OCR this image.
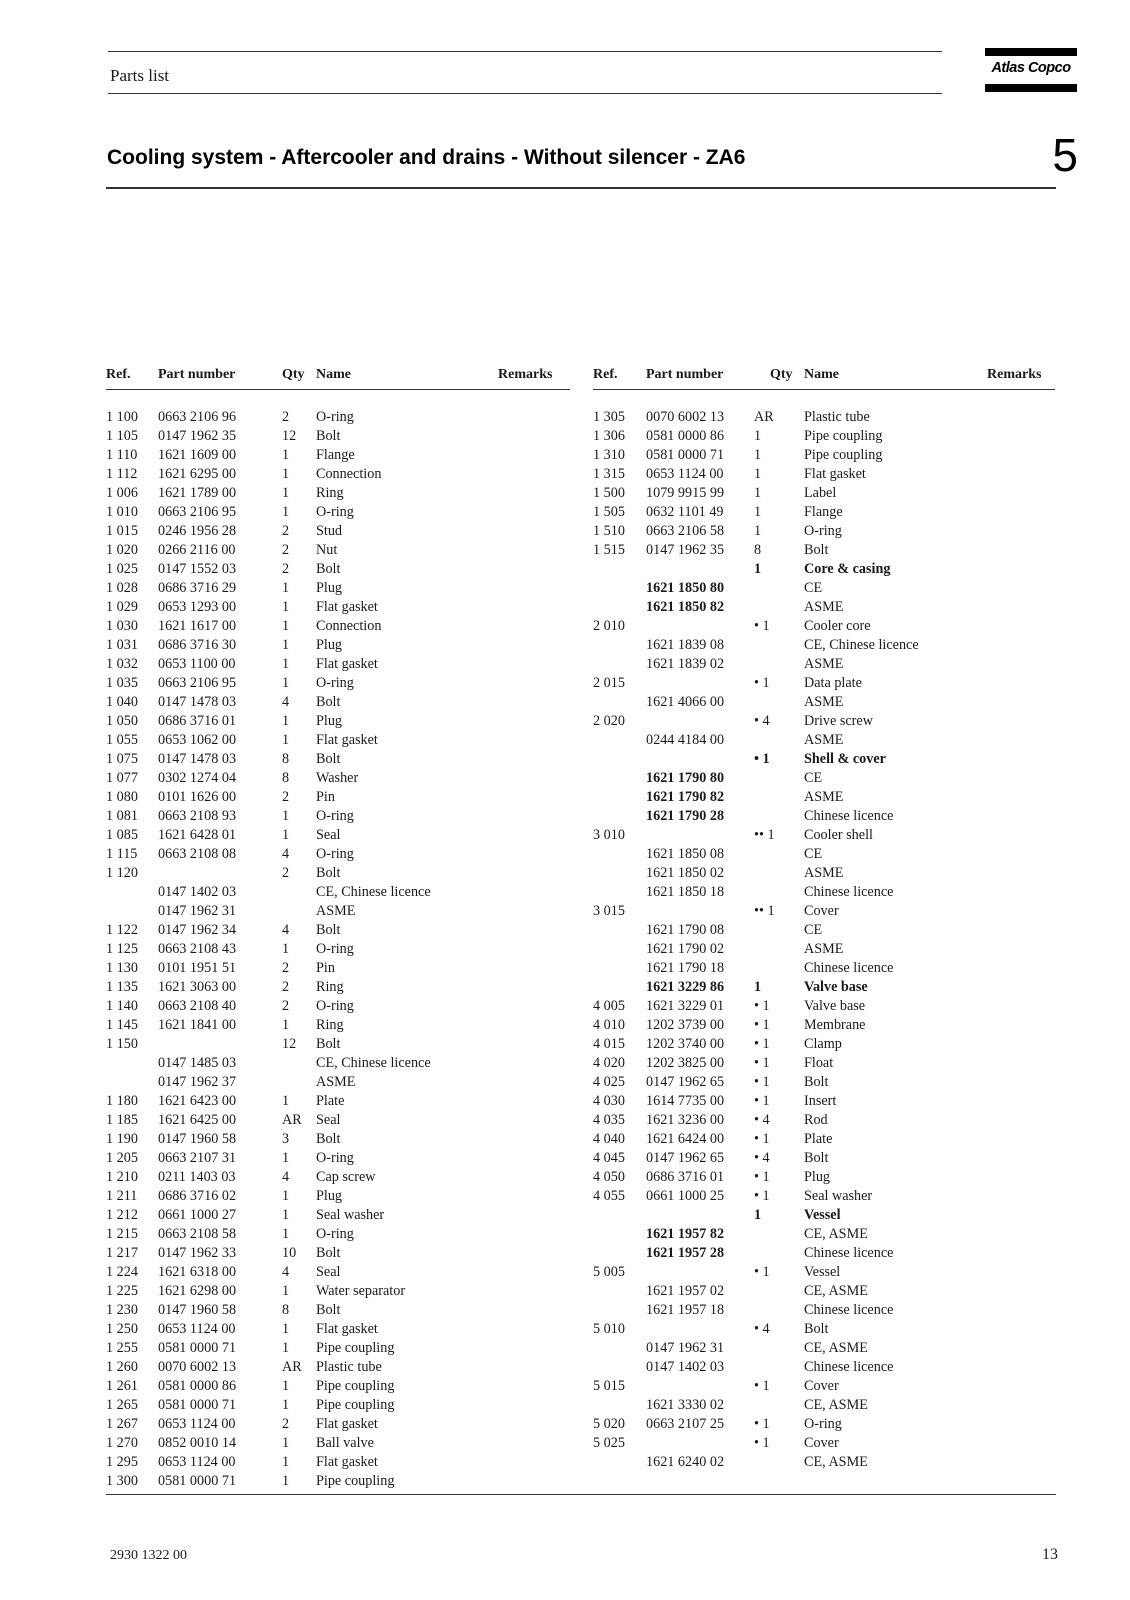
Parts list	Atlas Copco
Cooling system - Aftercooler and drains - Without silencer - ZA6	5
Ref. Part number	Qty Name	Remarks
1 100 0663 2106 96	2 O-ring
1 105 0147 1962 35	12 Bolt
1 110 1621 1609 00	1 Flange
1 112 1621 6295 00	1 Connection
1 006 1621 1789 00	1 Ring
1 010 0663 2106 95	1 O-ring
1 015 0246 1956 28	2 Stud
1 020 0266 2116 00	2 Nut
1 025 0147 1552 03	2 Bolt
1 028 0686 3716 29	1 Plug
1 029 0653 1293 00	1 Flat gasket
1 030 1621 1617 00	1 Connection
1 031 0686 3716 30	1 Plug
1 032 0653 1100 00	1 Flat gasket
1 035 0663 2106 95	1 O-ring
1 040 0147 1478 03	4 Bolt
1 050 0686 3716 01	1 Plug
1 055 0653 1062 00	1 Flat gasket
1 075 0147 1478 03	8 Bolt
1 077 0302 1274 04	8 Washer
1 080 0101 1626 00	2 Pin
1 081 0663 2108 93	1 O-ring
1 085 1621 6428 01	1 Seal
1 115 0663 2108 08	4 O-ring
1 120	2 Bolt
0147 1402 03	CE, Chinese licence
0147 1962 31	ASME
1 122 0147 1962 34	4 Bolt
1 125 0663 2108 43	1 O-ring
1 130 0101 1951 51	2 Pin
1 135 1621 3063 00	2 Ring
1 140 0663 2108 40	2 O-ring
1 145 1621 1841 00	1 Ring
1 150	12 Bolt
0147 1485 03	CE, Chinese licence
0147 1962 37	ASME
1 180 1621 6423 00	1 Plate
1 185 1621 6425 00	AR Seal
1 190 0147 1960 58	3 Bolt
1 205 0663 2107 31	1 O-ring
1 210 0211 1403 03	4 Cap screw
1 211 0686 3716 02	1 Plug
1 212 0661 1000 27	1 Seal washer
1 215 0663 2108 58	1 O-ring
1 217 0147 1962 33	10 Bolt
1 224 1621 6318 00	4 Seal
1 225 1621 6298 00	1 Water separator
1 230 0147 1960 58	8 Bolt
1 250 0653 1124 00	1 Flat gasket
1 255 0581 0000 71	1 Pipe coupling
1 260 0070 6002 13	AR Plastic tube
1 261 0581 0000 86	1 Pipe coupling
1 265 0581 0000 71	1 Pipe coupling
1 267 0653 1124 00	2 Flat gasket
1 270 0852 0010 14	1 Ball valve
1 295 0653 1124 00	1 Flat gasket
1 300 0581 0000 71	1 Pipe coupling
Ref. Part number	Qty Name	Remarks
1 305 0070 6002 13 AR Plastic tube
1 306 0581 0000 86 1	Pipe coupling
1 310 0581 0000 71 1	Pipe coupling
1 315 0653 1124 00 1	Flat gasket
1 500 1079 9915 99 1	Label
1 505 0632 1101 49 1	Flange
1 510 0663 2106 58 1	O-ring
1 515 0147 1962 35 8	Bolt
1	Core & casing
1621 1850 80	CE
1621 1850 82	ASME
2 010	• 1 Cooler core
1621 1839 08	CE, Chinese licence
1621 1839 02	ASME
2 015	• 1 Data plate
1621 4066 00	ASME
2 020	• 4 Drive screw
0244 4184 00	ASME
• 1 Shell & cover
1621 1790 80	CE
1621 1790 82	ASME
1621 1790 28	Chinese licence
3 010	•• 1 Cooler shell
1621 1850 08	CE
1621 1850 02	ASME
1621 1850 18	Chinese licence
3 015	•• 1 Cover
1621 1790 08	CE
1621 1790 02	ASME
1621 1790 18	Chinese licence
1621 3229 86 1	Valve base
4 005 1621 3229 01 • 1 Valve base
4 010 1202 3739 00 • 1 Membrane
4 015 1202 3740 00 • 1 Clamp
4 020 1202 3825 00 • 1 Float
4 025 0147 1962 65 • 1 Bolt
4 030 1614 7735 00 • 1 Insert
4 035 1621 3236 00 • 4 Rod
4 040 1621 6424 00 • 1 Plate
4 045 0147 1962 65 • 4 Bolt
4 050 0686 3716 01 • 1 Plug
4 055 0661 1000 25 • 1 Seal washer
1	Vessel
1621 1957 82	CE, ASME
1621 1957 28	Chinese licence
5 005	• 1 Vessel
1621 1957 02	CE, ASME
1621 1957 18	Chinese licence
5 010	• 4 Bolt
0147 1962 31	CE, ASME
0147 1402 03	Chinese licence
5 015	• 1 Cover
1621 3330 02	CE, ASME
5 020 0663 2107 25 • 1 O-ring
5 025	• 1 Cover
1621 6240 02	CE, ASME
2930 1322 00	13
